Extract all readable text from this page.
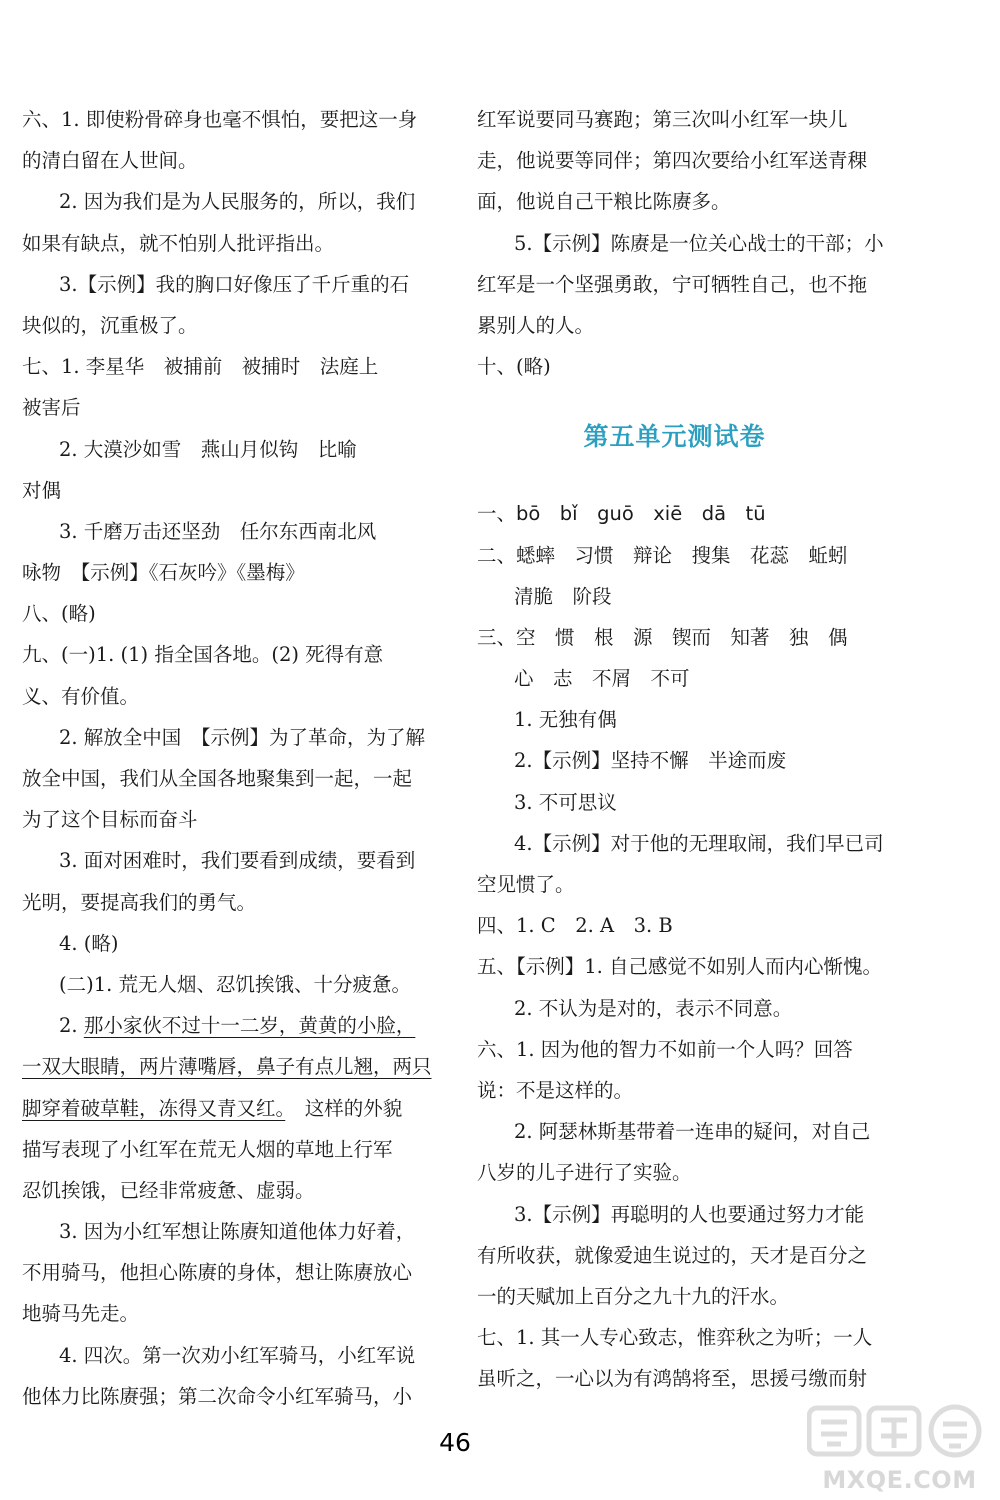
六、1. 即使粉骨碎身也毫不惧怕，要把这一身
的清白留在人世间。
2. 因为我们是为人民服务的，所以，我们
如果有缺点，就不怕别人批评指出。
3.【示例】我的胸口好像压了千斤重的石
块似的，沉重极了。
七、1. 李星华　被捕前　被捕时　法庭上
被害后
2. 大漠沙如雪　燕山月似钩　比喻
对偶
3. 千磨万击还坚劲　任尔东西南北风
咏物　【示例】《石灰吟》《墨梅》
八、(略)
九、(一)1. (1) 指全国各地。(2) 死得有意
义、有价值。
2. 解放全中国　【示例】为了革命，为了解
放全中国，我们从全国各地聚集到一起，一起
为了这个目标而奋斗
3. 面对困难时，我们要看到成绩，要看到
光明，要提高我们的勇气。
4. (略)
(二)1. 荒无人烟、忍饥挨饿、十分疲惫。
2. 那小家伙不过十一二岁，黄黄的小脸，
一双大眼睛，两片薄嘴唇，鼻子有点儿翘，两只
脚穿着破草鞋，冻得又青又红。　这样的外貌
描写表现了小红军在荒无人烟的草地上行军
忍饥挨饿，已经非常疲惫、虚弱。
3. 因为小红军想让陈赓知道他体力好着，
不用骑马，他担心陈赓的身体，想让陈赓放心
地骑马先走。
4. 四次。第一次劝小红军骑马，小红军说
他体力比陈赓强；第二次命令小红军骑马，小
红军说要同马赛跑；第三次叫小红军一块儿
走，他说要等同伴；第四次要给小红军送青稞
面，他说自己干粮比陈赓多。
5.【示例】陈赓是一位关心战士的干部；小
红军是一个坚强勇敢，宁可牺牲自己，也不拖
累别人的人。
十、(略)
第五单元测试卷
一、bō　bǐ　guō　xiē　dā　tū
二、蟋蟀　习惯　辩论　搜集　花蕊　蚯蚓
清脆　阶段
三、空　惯　根　源　锲而　知著　独　偶
心　志　不屑　不可
1. 无独有偶
2.【示例】坚持不懈　半途而废
3. 不可思议
4.【示例】对于他的无理取闹，我们早已司
空见惯了。
四、1. C　2. A　3. B
五、【示例】1. 自己感觉不如别人而内心惭愧。
2. 不认为是对的，表示不同意。
六、1. 因为他的智力不如前一个人吗？回答
说：不是这样的。
2. 阿瑟林斯基带着一连串的疑问，对自己
八岁的儿子进行了实验。
3.【示例】再聪明的人也要通过努力才能
有所收获，就像爱迪生说过的，天才是百分之
一的天赋加上百分之九十九的汗水。
七、1. 其一人专心致志，惟弈秋之为听；一人
虽听之，一心以为有鸿鹄将至，思援弓缴而射
46
MXQE.COM
